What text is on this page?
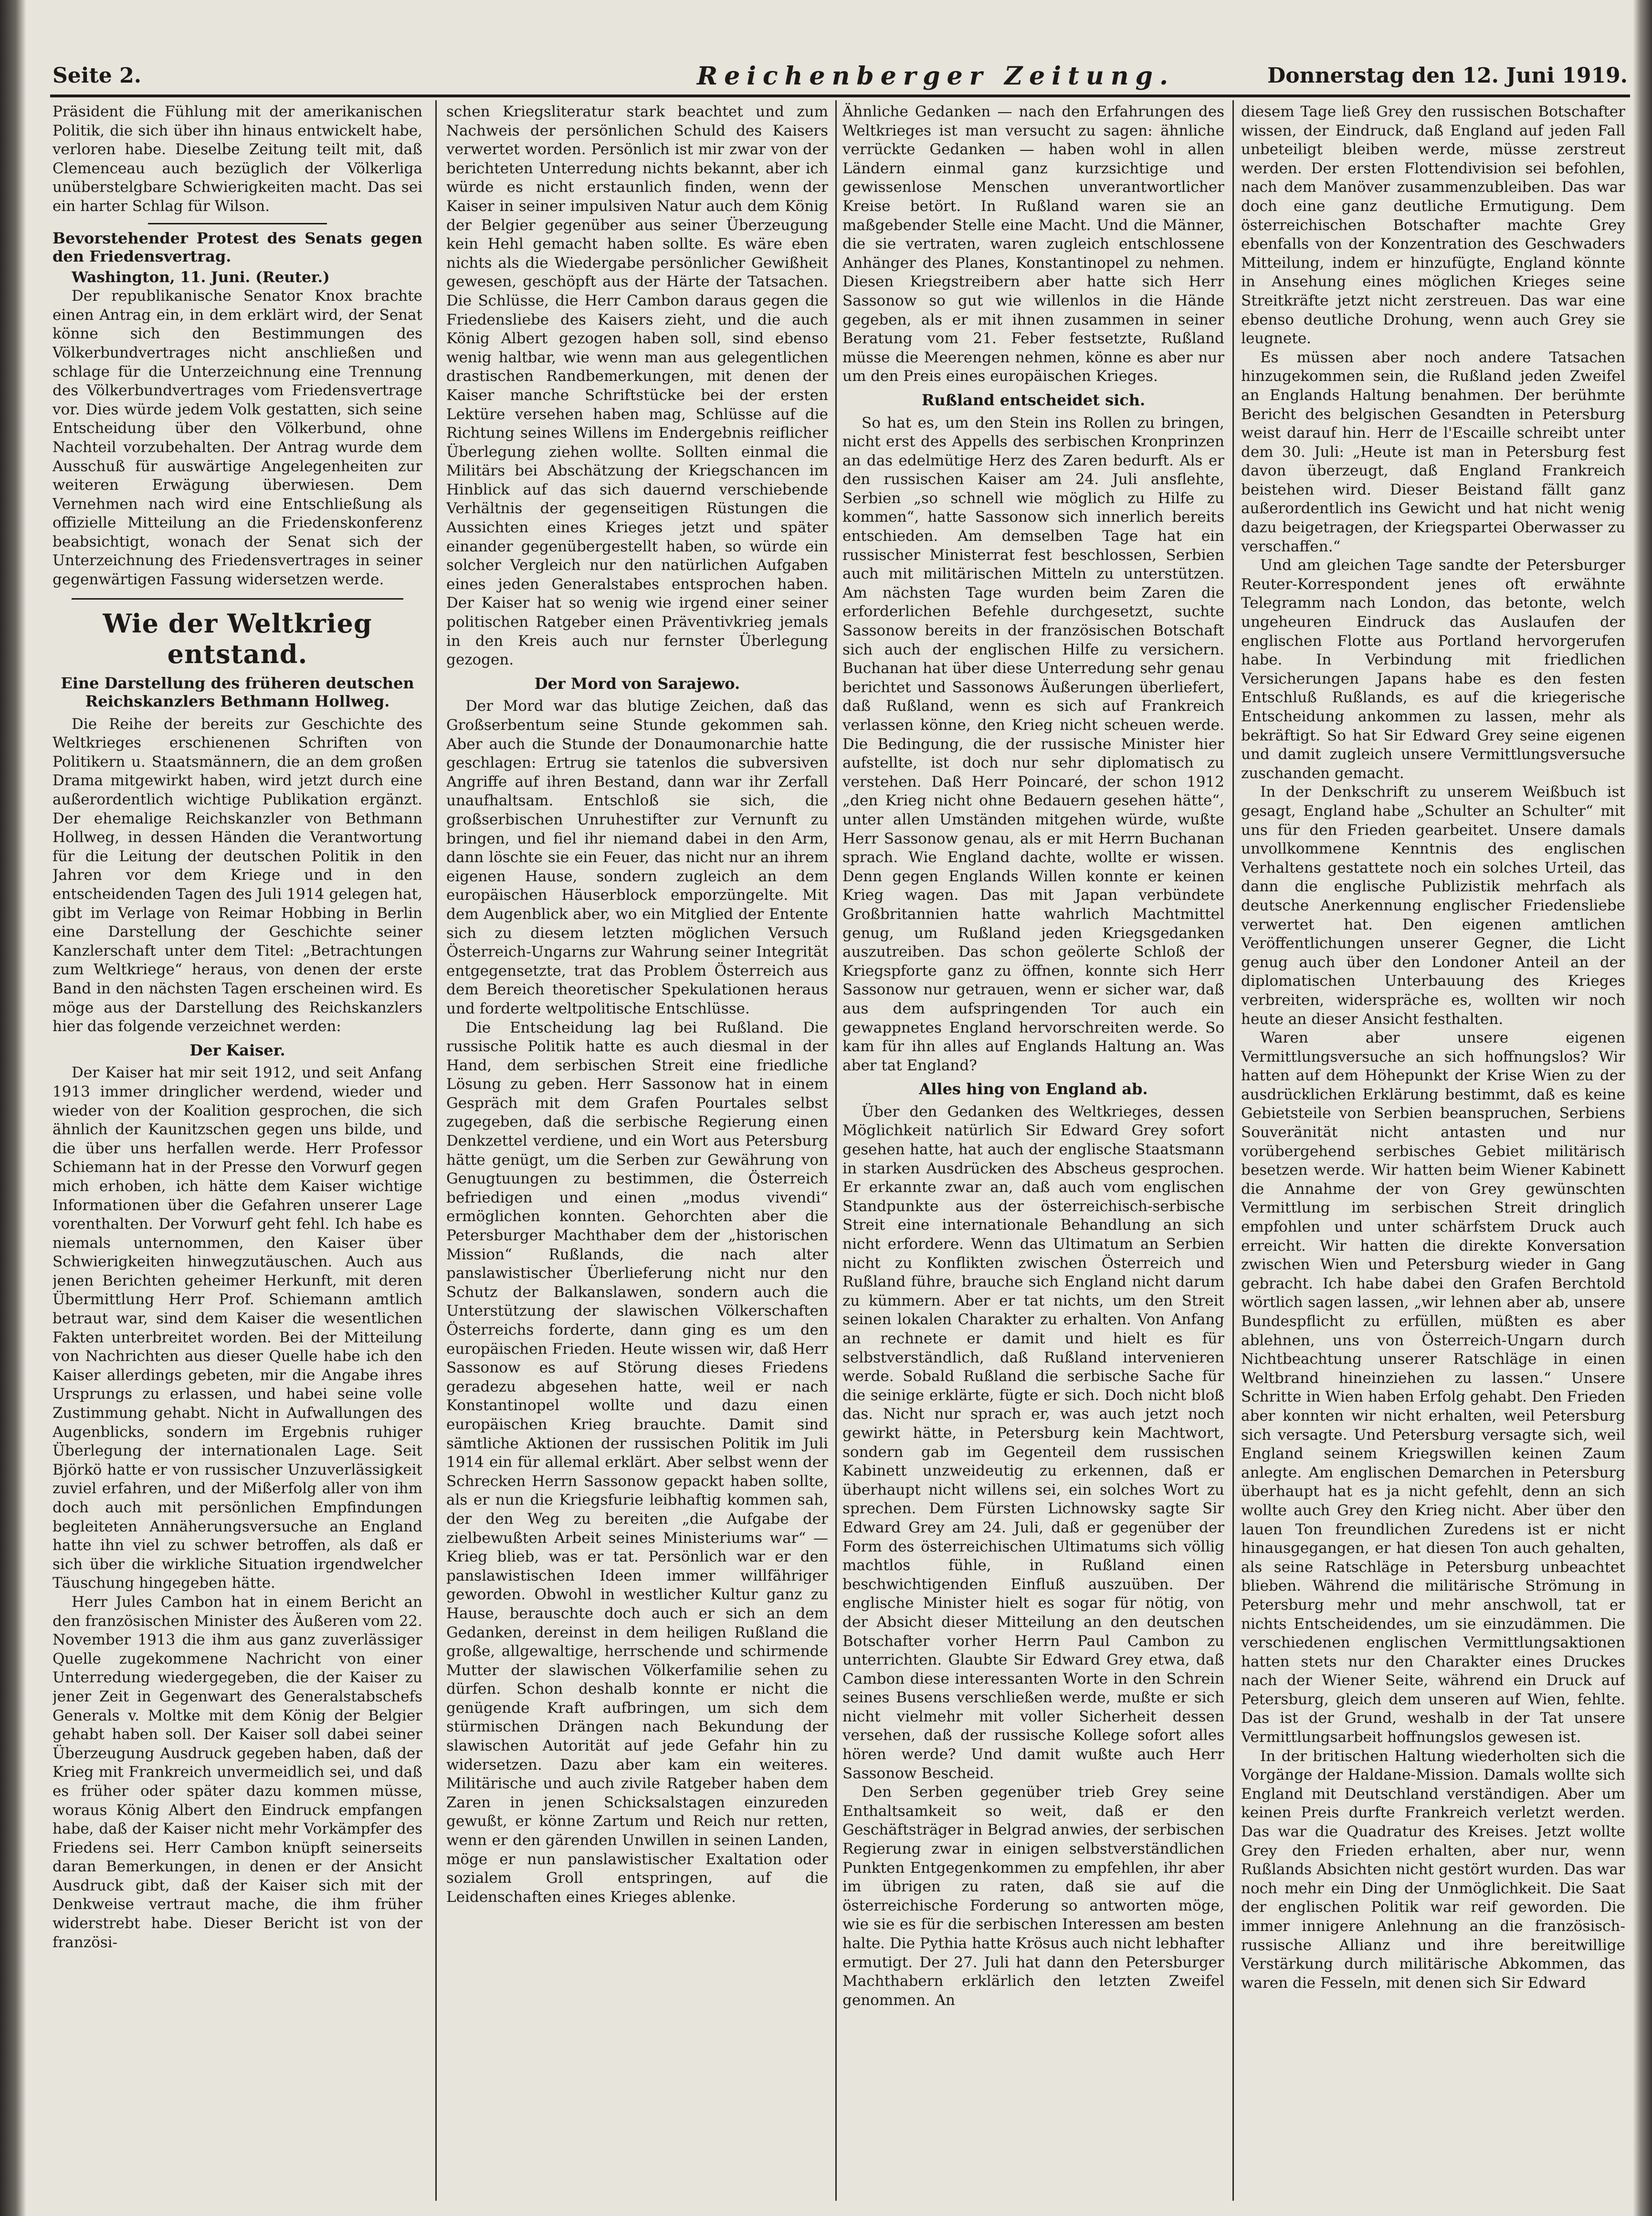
Seite 2.	Reichenberger Zeitung.	Donnerstag den 12. Juni 1919.

Präsident die Fühlung mit der amerikanischen Politik, die sich über ihn hinaus entwickelt habe, verloren habe. Dieselbe Zeitung teilt mit, daß Clemenceau auch bezüglich der Völkerliga unüberstelgbare Schwierigkeiten macht. Das sei ein harter Schlag für Wilson.

Bevorstehender Protest des Senats gegen den Friedensvertrag.

Washington, 11. Juni. (Reuter.)

Der republikanische Senator Knox brachte einen Antrag ein, in dem erklärt wird, der Senat könne sich den Bestimmungen des Völkerbundvertrages nicht anschließen und schlage für die Unterzeichnung eine Trennung des Völkerbundvertrages vom Friedensvertrage vor. Dies würde jedem Volk gestatten, sich seine Entscheidung über den Völkerbund, ohne Nachteil vorzubehalten. Der Antrag wurde dem Ausschuß für auswärtige Angelegenheiten zur weiteren Erwägung überwiesen. Dem Vernehmen nach wird eine Entschließung als offizielle Mitteilung an die Friedenskonferenz beabsichtigt, wonach der Senat sich der Unterzeichnung des Friedensvertrages in seiner gegenwärtigen Fassung widersetzen werde.

Wie der Weltkrieg entstand.
Eine Darstellung des früheren deutschen Reichskanzlers Bethmann Hollweg.

Die Reihe der bereits zur Geschichte des Weltkrieges erschienenen Schriften von Politikern u. Staatsmännern, die an dem großen Drama mitgewirkt haben, wird jetzt durch eine außerordentlich wichtige Publikation ergänzt. Der ehemalige Reichskanzler von Bethmann Hollweg, in dessen Händen die Verantwortung für die Leitung der deutschen Politik in den Jahren vor dem Kriege und in den entscheidenden Tagen des Juli 1914 gelegen hat, gibt im Verlage von Reimar Hobbing in Berlin eine Darstellung der Geschichte seiner Kanzlerschaft unter dem Titel: „Betrachtungen zum Weltkriege“ heraus, von denen der erste Band in den nächsten Tagen erscheinen wird. Es möge aus der Darstellung des Reichskanzlers hier das folgende verzeichnet werden:

Der Kaiser.

Der Kaiser hat mir seit 1912, und seit Anfang 1913 immer dringlicher werdend, wieder und wieder von der Koalition gesprochen, die sich ähnlich der Kaunitzschen gegen uns bilde, und die über uns herfallen werde. Herr Professor Schiemann hat in der Presse den Vorwurf gegen mich erhoben, ich hätte dem Kaiser wichtige Informationen über die Gefahren unserer Lage vorenthalten. Der Vorwurf geht fehl. Ich habe es niemals unternommen, den Kaiser über Schwierigkeiten hinwegzutäuschen. Auch aus jenen Berichten geheimer Herkunft, mit deren Übermittlung Herr Prof. Schiemann amtlich betraut war, sind dem Kaiser die wesentlichen Fakten unterbreitet worden. Bei der Mitteilung von Nachrichten aus dieser Quelle habe ich den Kaiser allerdings gebeten, mir die Angabe ihres Ursprungs zu erlassen, und habei seine volle Zustimmung gehabt. Nicht in Aufwallungen des Augenblicks, sondern im Ergebnis ruhiger Überlegung der internationalen Lage. Seit Björkö hatte er von russischer Unzuverlässigkeit zuviel erfahren, und der Mißerfolg aller von ihm doch auch mit persönlichen Empfindungen begleiteten Annäherungsversuche an England hatte ihn viel zu schwer betroffen, als daß er sich über die wirkliche Situation irgendwelcher Täuschung hingegeben hätte.

Herr Jules Cambon hat in einem Bericht an den französischen Minister des Äußeren vom 22. November 1913 die ihm aus ganz zuverlässiger Quelle zugekommene Nachricht von einer Unterredung wiedergegeben, die der Kaiser zu jener Zeit in Gegenwart des Generalstabschefs Generals v. Moltke mit dem König der Belgier gehabt haben soll. Der Kaiser soll dabei seiner Überzeugung Ausdruck gegeben haben, daß der Krieg mit Frankreich unvermeidlich sei, und daß es früher oder später dazu kommen müsse, woraus König Albert den Eindruck empfangen habe, daß der Kaiser nicht mehr Vorkämpfer des Friedens sei. Herr Cambon knüpft seinerseits daran Bemerkungen, in denen er der Ansicht Ausdruck gibt, daß der Kaiser sich mit der Denkweise vertraut mache, die ihm früher widerstrebt habe. Dieser Bericht ist von der französi-

schen Kriegsliteratur stark beachtet und zum Nachweis der persönlichen Schuld des Kaisers verwertet worden. Persönlich ist mir zwar von der berichteten Unterredung nichts bekannt, aber ich würde es nicht erstaunlich finden, wenn der Kaiser in seiner impulsiven Natur auch dem König der Belgier gegenüber aus seiner Überzeugung kein Hehl gemacht haben sollte. Es wäre eben nichts als die Wiedergabe persönlicher Gewißheit gewesen, geschöpft aus der Härte der Tatsachen. Die Schlüsse, die Herr Cambon daraus gegen die Friedensliebe des Kaisers zieht, und die auch König Albert gezogen haben soll, sind ebenso wenig haltbar, wie wenn man aus gelegentlichen drastischen Randbemerkungen, mit denen der Kaiser manche Schriftstücke bei der ersten Lektüre versehen haben mag, Schlüsse auf die Richtung seines Willens im Endergebnis reiflicher Überlegung ziehen wollte. Sollten einmal die Militärs bei Abschätzung der Kriegschancen im Hinblick auf das sich dauernd verschiebende Verhältnis der gegenseitigen Rüstungen die Aussichten eines Krieges jetzt und später einander gegenübergestellt haben, so würde ein solcher Vergleich nur den natürlichen Aufgaben eines jeden Generalstabes entsprochen haben. Der Kaiser hat so wenig wie irgend einer seiner politischen Ratgeber einen Präventivkrieg jemals in den Kreis auch nur fernster Überlegung gezogen.

Der Mord von Sarajewo.

Der Mord war das blutige Zeichen, daß das Großserbentum seine Stunde gekommen sah. Aber auch die Stunde der Donaumonarchie hatte geschlagen: Ertrug sie tatenlos die subversiven Angriffe auf ihren Bestand, dann war ihr Zerfall unaufhaltsam. Entschloß sie sich, die großserbischen Unruhestifter zur Vernunft zu bringen, und fiel ihr niemand dabei in den Arm, dann löschte sie ein Feuer, das nicht nur an ihrem eigenen Hause, sondern zugleich an dem europäischen Häuserblock emporzüngelte. Mit dem Augenblick aber, wo ein Mitglied der Entente sich zu diesem letzten möglichen Versuch Österreich-Ungarns zur Wahrung seiner Integrität entgegensetzte, trat das Problem Österreich aus dem Bereich theoretischer Spekulationen heraus und forderte weltpolitische Entschlüsse.

Die Entscheidung lag bei Rußland. Die russische Politik hatte es auch diesmal in der Hand, dem serbischen Streit eine friedliche Lösung zu geben. Herr Sassonow hat in einem Gespräch mit dem Grafen Pourtales selbst zugegeben, daß die serbische Regierung einen Denkzettel verdiene, und ein Wort aus Petersburg hätte genügt, um die Serben zur Gewährung von Genugtuungen zu bestimmen, die Österreich befriedigen und einen „modus vivendi“ ermöglichen konnten. Gehorchten aber die Petersburger Machthaber dem der „historischen Mission“ Rußlands, die nach alter panslawistischer Überlieferung nicht nur den Schutz der Balkanslawen, sondern auch die Unterstützung der slawischen Völkerschaften Österreichs forderte, dann ging es um den europäischen Frieden. Heute wissen wir, daß Herr Sassonow es auf Störung dieses Friedens geradezu abgesehen hatte, weil er nach Konstantinopel wollte und dazu einen europäischen Krieg brauchte. Damit sind sämtliche Aktionen der russischen Politik im Juli 1914 ein für allemal erklärt. Aber selbst wenn der Schrecken Herrn Sassonow gepackt haben sollte, als er nun die Kriegsfurie leibhaftig kommen sah, der den Weg zu bereiten „die Aufgabe der zielbewußten Arbeit seines Ministeriums war“ — Krieg blieb, was er tat. Persönlich war er den panslawistischen Ideen immer willfähriger geworden. Obwohl in westlicher Kultur ganz zu Hause, berauschte doch auch er sich an dem Gedanken, dereinst in dem heiligen Rußland die große, allgewaltige, herrschende und schirmende Mutter der slawischen Völkerfamilie sehen zu dürfen. Schon deshalb konnte er nicht die genügende Kraft aufbringen, um sich dem stürmischen Drängen nach Bekundung der slawischen Autorität auf jede Gefahr hin zu widersetzen. Dazu aber kam ein weiteres. Militärische und auch zivile Ratgeber haben dem Zaren in jenen Schicksalstagen einzureden gewußt, er könne Zartum und Reich nur retten, wenn er den gärenden Unwillen in seinen Landen, möge er nun panslawistischer Exaltation oder sozialem Groll entspringen, auf die Leidenschaften eines Krieges ablenke.

Ähnliche Gedanken — nach den Erfahrungen des Weltkrieges ist man versucht zu sagen: ähnliche verrückte Gedanken — haben wohl in allen Ländern einmal ganz kurzsichtige und gewissenlose Menschen unverantwortlicher Kreise betört. In Rußland waren sie an maßgebender Stelle eine Macht. Und die Männer, die sie vertraten, waren zugleich entschlossene Anhänger des Planes, Konstantinopel zu nehmen. Diesen Kriegstreibern aber hatte sich Herr Sassonow so gut wie willenlos in die Hände gegeben, als er mit ihnen zusammen in seiner Beratung vom 21. Feber festsetzte, Rußland müsse die Meerengen nehmen, könne es aber nur um den Preis eines europäischen Krieges.

Rußland entscheidet sich.

So hat es, um den Stein ins Rollen zu bringen, nicht erst des Appells des serbischen Kronprinzen an das edelmütige Herz des Zaren bedurft. Als er den russischen Kaiser am 24. Juli ansflehte, Serbien „so schnell wie möglich zu Hilfe zu kommen“, hatte Sassonow sich innerlich bereits entschieden. Am demselben Tage hat ein russischer Ministerrat fest beschlossen, Serbien auch mit militärischen Mitteln zu unterstützen. Am nächsten Tage wurden beim Zaren die erforderlichen Befehle durchgesetzt, suchte Sassonow bereits in der französischen Botschaft sich auch der englischen Hilfe zu versichern. Buchanan hat über diese Unterredung sehr genau berichtet und Sassonows Äußerungen überliefert, daß Rußland, wenn es sich auf Frankreich verlassen könne, den Krieg nicht scheuen werde. Die Bedingung, die der russische Minister hier aufstellte, ist doch nur sehr diplomatisch zu verstehen. Daß Herr Poincaré, der schon 1912 „den Krieg nicht ohne Bedauern gesehen hätte“, unter allen Umständen mitgehen würde, wußte Herr Sassonow genau, als er mit Herrn Buchanan sprach. Wie England dachte, wollte er wissen. Denn gegen Englands Willen konnte er keinen Krieg wagen. Das mit Japan verbündete Großbritannien hatte wahrlich Machtmittel genug, um Rußland jeden Kriegsgedanken auszutreiben. Das schon geölerte Schloß der Kriegspforte ganz zu öffnen, konnte sich Herr Sassonow nur getrauen, wenn er sicher war, daß aus dem aufspringenden Tor auch ein gewappnetes England hervorschreiten werde. So kam für ihn alles auf Englands Haltung an. Was aber tat England?

Alles hing von England ab.

Über den Gedanken des Weltkrieges, dessen Möglichkeit natürlich Sir Edward Grey sofort gesehen hatte, hat auch der englische Staatsmann in starken Ausdrücken des Abscheus gesprochen. Er erkannte zwar an, daß auch vom englischen Standpunkte aus der österreichisch-serbische Streit eine internationale Behandlung an sich nicht erfordere. Wenn das Ultimatum an Serbien nicht zu Konflikten zwischen Österreich und Rußland führe, brauche sich England nicht darum zu kümmern. Aber er tat nichts, um den Streit seinen lokalen Charakter zu erhalten. Von Anfang an rechnete er damit und hielt es für selbstverständlich, daß Rußland intervenieren werde. Sobald Rußland die serbische Sache für die seinige erklärte, fügte er sich. Doch nicht bloß das. Nicht nur sprach er, was auch jetzt noch gewirkt hätte, in Petersburg kein Machtwort, sondern gab im Gegenteil dem russischen Kabinett unzweideutig zu erkennen, daß er überhaupt nicht willens sei, ein solches Wort zu sprechen. Dem Fürsten Lichnowsky sagte Sir Edward Grey am 24. Juli, daß er gegenüber der Form des österreichischen Ultimatums sich völlig machtlos fühle, in Rußland einen beschwichtigenden Einfluß auszuüben. Der englische Minister hielt es sogar für nötig, von der Absicht dieser Mitteilung an den deutschen Botschafter vorher Herrn Paul Cambon zu unterrichten. Glaubte Sir Edward Grey etwa, daß Cambon diese interessanten Worte in den Schrein seines Busens verschließen werde, mußte er sich nicht vielmehr mit voller Sicherheit dessen versehen, daß der russische Kollege sofort alles hören werde? Und damit wußte auch Herr Sassonow Bescheid.

Den Serben gegenüber trieb Grey seine Enthaltsamkeit so weit, daß er den Geschäftsträger in Belgrad anwies, der serbischen Regierung zwar in einigen selbstverständlichen Punkten Entgegenkommen zu empfehlen, ihr aber im übrigen zu raten, daß sie auf die österreichische Forderung so antworten möge, wie sie es für die serbischen Interessen am besten halte. Die Pythia hatte Krösus auch nicht lebhafter ermutigt. Der 27. Juli hat dann den Petersburger Machthabern erklärlich den letzten Zweifel genommen. An

diesem Tage ließ Grey den russischen Botschafter wissen, der Eindruck, daß England auf jeden Fall unbeteiligt bleiben werde, müsse zerstreut werden. Der ersten Flottendivision sei befohlen, nach dem Manöver zusammenzubleiben. Das war doch eine ganz deutliche Ermutigung. Dem österreichischen Botschafter machte Grey ebenfalls von der Konzentration des Geschwaders Mitteilung, indem er hinzufügte, England könnte in Ansehung eines möglichen Krieges seine Streitkräfte jetzt nicht zerstreuen. Das war eine ebenso deutliche Drohung, wenn auch Grey sie leugnete.

Es müssen aber noch andere Tatsachen hinzugekommen sein, die Rußland jeden Zweifel an Englands Haltung benahmen. Der berühmte Bericht des belgischen Gesandten in Petersburg weist darauf hin. Herr de l'Escaille schreibt unter dem 30. Juli: „Heute ist man in Petersburg fest davon überzeugt, daß England Frankreich beistehen wird. Dieser Beistand fällt ganz außerordentlich ins Gewicht und hat nicht wenig dazu beigetragen, der Kriegspartei Oberwasser zu verschaffen.“

Und am gleichen Tage sandte der Petersburger Reuter-Korrespondent jenes oft erwähnte Telegramm nach London, das betonte, welch ungeheuren Eindruck das Auslaufen der englischen Flotte aus Portland hervorgerufen habe. In Verbindung mit friedlichen Versicherungen Japans habe es den festen Entschluß Rußlands, es auf die kriegerische Entscheidung ankommen zu lassen, mehr als bekräftigt. So hat Sir Edward Grey seine eigenen und damit zugleich unsere Vermittlungsversuche zuschanden gemacht.

In der Denkschrift zu unserem Weißbuch ist gesagt, England habe „Schulter an Schulter“ mit uns für den Frieden gearbeitet. Unsere damals unvollkommene Kenntnis des englischen Verhaltens gestattete noch ein solches Urteil, das dann die englische Publizistik mehrfach als deutsche Anerkennung englischer Friedensliebe verwertet hat. Den eigenen amtlichen Veröffentlichungen unserer Gegner, die Licht genug auch über den Londoner Anteil an der diplomatischen Unterbauung des Krieges verbreiten, widerspräche es, wollten wir noch heute an dieser Ansicht festhalten.

Waren aber unsere eigenen Vermittlungsversuche an sich hoffnungslos? Wir hatten auf dem Höhepunkt der Krise Wien zu der ausdrücklichen Erklärung bestimmt, daß es keine Gebietsteile von Serbien beanspruchen, Serbiens Souveränität nicht antasten und nur vorübergehend serbisches Gebiet militärisch besetzen werde. Wir hatten beim Wiener Kabinett die Annahme der von Grey gewünschten Vermittlung im serbischen Streit dringlich empfohlen und unter schärfstem Druck auch erreicht. Wir hatten die direkte Konversation zwischen Wien und Petersburg wieder in Gang gebracht. Ich habe dabei den Grafen Berchtold wörtlich sagen lassen, „wir lehnen aber ab, unsere Bundespflicht zu erfüllen, müßten es aber ablehnen, uns von Österreich-Ungarn durch Nichtbeachtung unserer Ratschläge in einen Weltbrand hineinziehen zu lassen.“ Unsere Schritte in Wien haben Erfolg gehabt. Den Frieden aber konnten wir nicht erhalten, weil Petersburg sich versagte. Und Petersburg versagte sich, weil England seinem Kriegswillen keinen Zaum anlegte. Am englischen Demarchen in Petersburg überhaupt hat es ja nicht gefehlt, denn an sich wollte auch Grey den Krieg nicht. Aber über den lauen Ton freundlichen Zuredens ist er nicht hinausgegangen, er hat diesen Ton auch gehalten, als seine Ratschläge in Petersburg unbeachtet blieben. Während die militärische Strömung in Petersburg mehr und mehr anschwoll, tat er nichts Entscheidendes, um sie einzudämmen. Die verschiedenen englischen Vermittlungsaktionen hatten stets nur den Charakter eines Druckes nach der Wiener Seite, während ein Druck auf Petersburg, gleich dem unseren auf Wien, fehlte. Das ist der Grund, weshalb in der Tat unsere Vermittlungsarbeit hoffnungslos gewesen ist.

In der britischen Haltung wiederholten sich die Vorgänge der Haldane-Mission. Damals wollte sich England mit Deutschland verständigen. Aber um keinen Preis durfte Frankreich verletzt werden. Das war die Quadratur des Kreises. Jetzt wollte Grey den Frieden erhalten, aber nur, wenn Rußlands Absichten nicht gestört wurden. Das war noch mehr ein Ding der Unmöglichkeit. Die Saat der englischen Politik war reif geworden. Die immer innigere Anlehnung an die französisch-russische Allianz und ihre bereitwillige Verstärkung durch militärische Abkommen, das waren die Fesseln, mit denen sich Sir Edward
